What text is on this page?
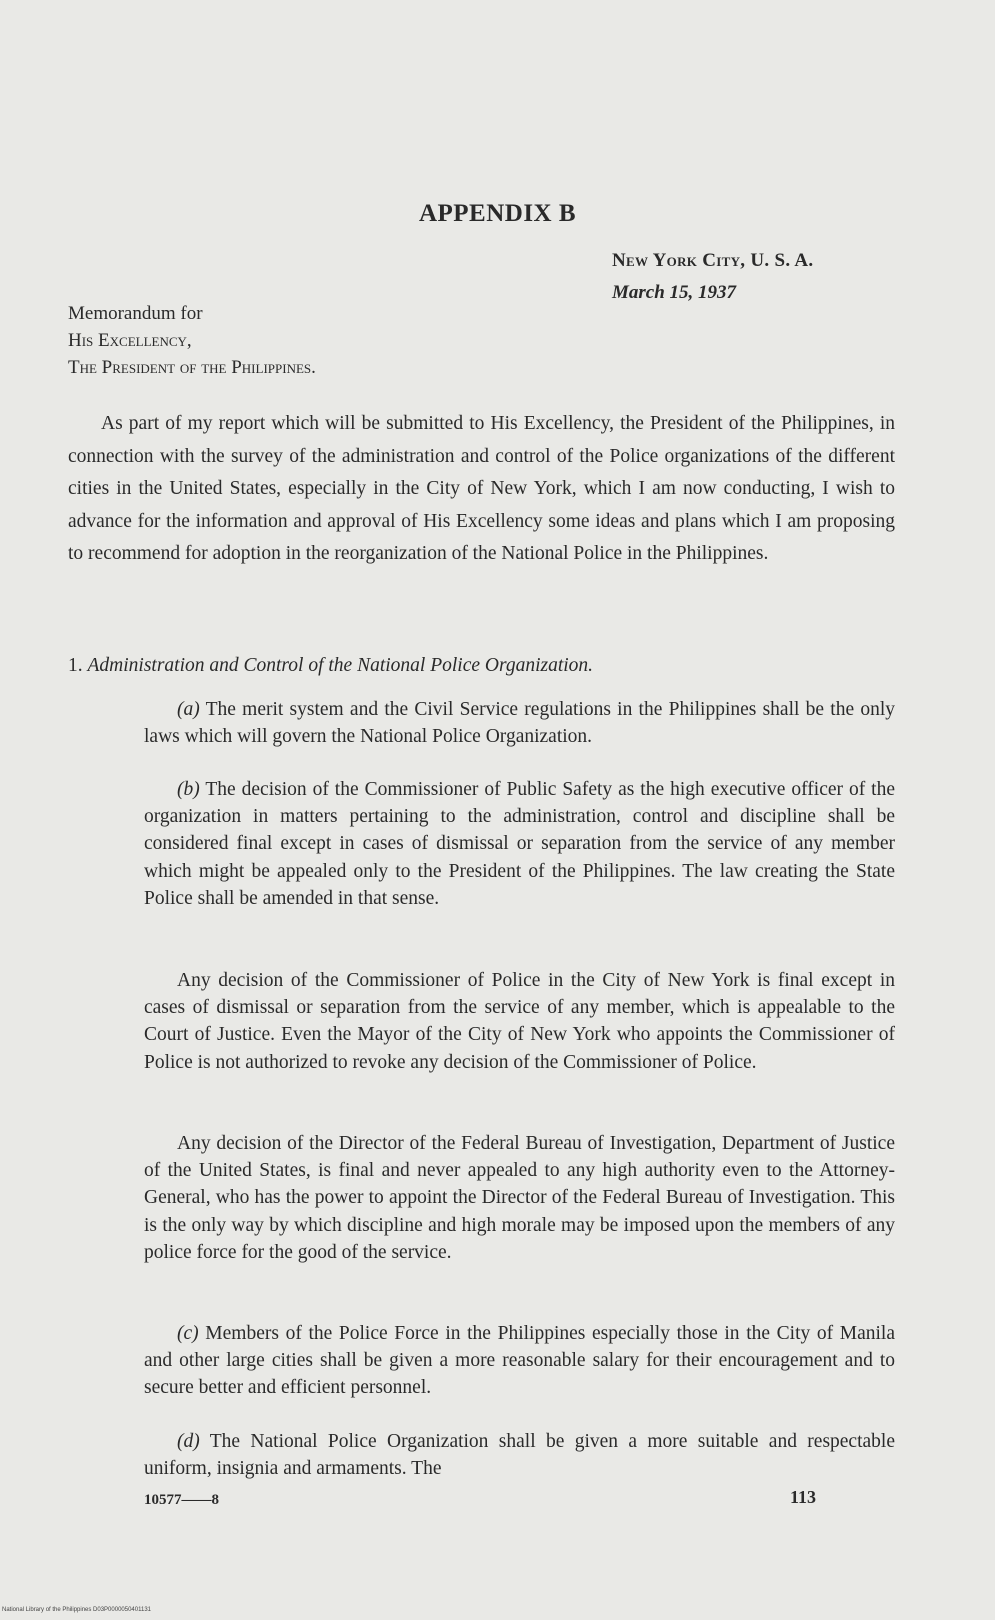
APPENDIX B
New York City, U. S. A.
March 15, 1937
Memorandum for
His Excellency,
The President of the Philippines.
As part of my report which will be submitted to His Excellency, the President of the Philippines, in connection with the survey of the administration and control of the Police organizations of the different cities in the United States, especially in the City of New York, which I am now conducting, I wish to advance for the information and approval of His Excellency some ideas and plans which I am proposing to recommend for adoption in the reorganization of the National Police in the Philippines.
1. Administration and Control of the National Police Organization.
(a) The merit system and the Civil Service regulations in the Philippines shall be the only laws which will govern the National Police Organization.
(b) The decision of the Commissioner of Public Safety as the high executive officer of the organization in matters pertaining to the administration, control and discipline shall be considered final except in cases of dismissal or separation from the service of any member which might be appealed only to the President of the Philippines. The law creating the State Police shall be amended in that sense.
Any decision of the Commissioner of Police in the City of New York is final except in cases of dismissal or separation from the service of any member, which is appealable to the Court of Justice. Even the Mayor of the City of New York who appoints the Commissioner of Police is not authorized to revoke any decision of the Commissioner of Police.
Any decision of the Director of the Federal Bureau of Investigation, Department of Justice of the United States, is final and never appealed to any high authority even to the Attorney-General, who has the power to appoint the Director of the Federal Bureau of Investigation. This is the only way by which discipline and high morale may be imposed upon the members of any police force for the good of the service.
(c) Members of the Police Force in the Philippines especially those in the City of Manila and other large cities shall be given a more reasonable salary for their encouragement and to secure better and efficient personnel.
(d) The National Police Organization shall be given a more suitable and respectable uniform, insignia and armaments. The
10577——8	113
National Library of the Philippines D03P0000050401131
